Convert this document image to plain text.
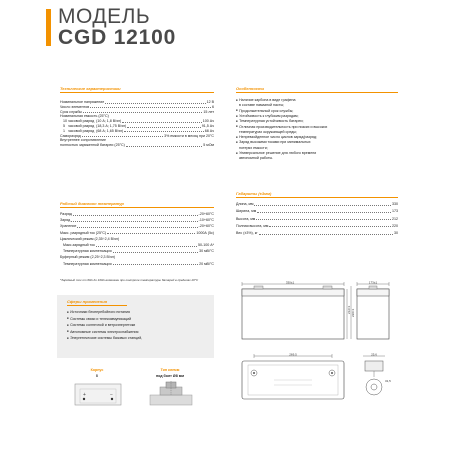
МОДЕЛЬ
CGD 12100
Технические характеристики
Номинальное напряжение	12 В
Число элементов	6
Срок службы	15 лет
Номинальная емкость (25°C)
10 часовой разряд  (10 А; 1,8 В/эл)	100 Ач
5   часовой разряд  (18,3 А; 1,75 В/эл)	91,5 Ач
1   часовой разряд  (68 А; 1,65 В/эл)	68 Ач
Саморазряд	3% емкости в месяц при 20°C
Внутреннее сопротивление
полностью заряженной батареи (25°C)	5 мОм
Рабочий диапазон температур
Разряд	-20+60°C
Заряд	-10+60°C
Хранение	-20+60°C
Макс. разрядный ток (25°C)	1000А (5с)
Циклический режим (2,35÷2,4 В/эл)
Макс.зарядный ток	50-100 А*
Температурная компенсация	30 мВ/°C
Буферный режим (2,25÷2,3 В/эл)
Температурная компенсация	20 мВ/°C
*Зарядный ток от 60А до 100А возможен при контроле температуры батарей в пределах 20°C
Сферы применения
■ Источники бесперебойного питания
■ Системы связи и телекоммуникаций
■ Системы солнечной и ветроэнергетики
■ Автономные системы электроснабжения
■ Энергетические системы базовых станций,
Корпус
B
+	−
Тип клемм
под болт Ø8 мм
Особенности
■ Наличие карбона в виде графена
в составе намазной пасты;
■ Продолжительный срок службы;
■ Устойчивость к глубоким разрядам;
■ Температурная устойчивость батареи;
■ Отличная производительность при низких и высоких
температурах окружающей среды;
■ Непревзойденное число циклов заряд/разряд;
■ Заряд высокими токами при минимальных
потерях емкости;
■ Универсальное решение для любого времени
автономной работы.
Габариты (±3мм)
Длина, мм	330
Ширина, мм	173
Высота, мм	212
Полная высота, мм	220
Вес (±3%), кг	30
330±1
212±1 220±1
173±1
269,5	25,6
31,5
